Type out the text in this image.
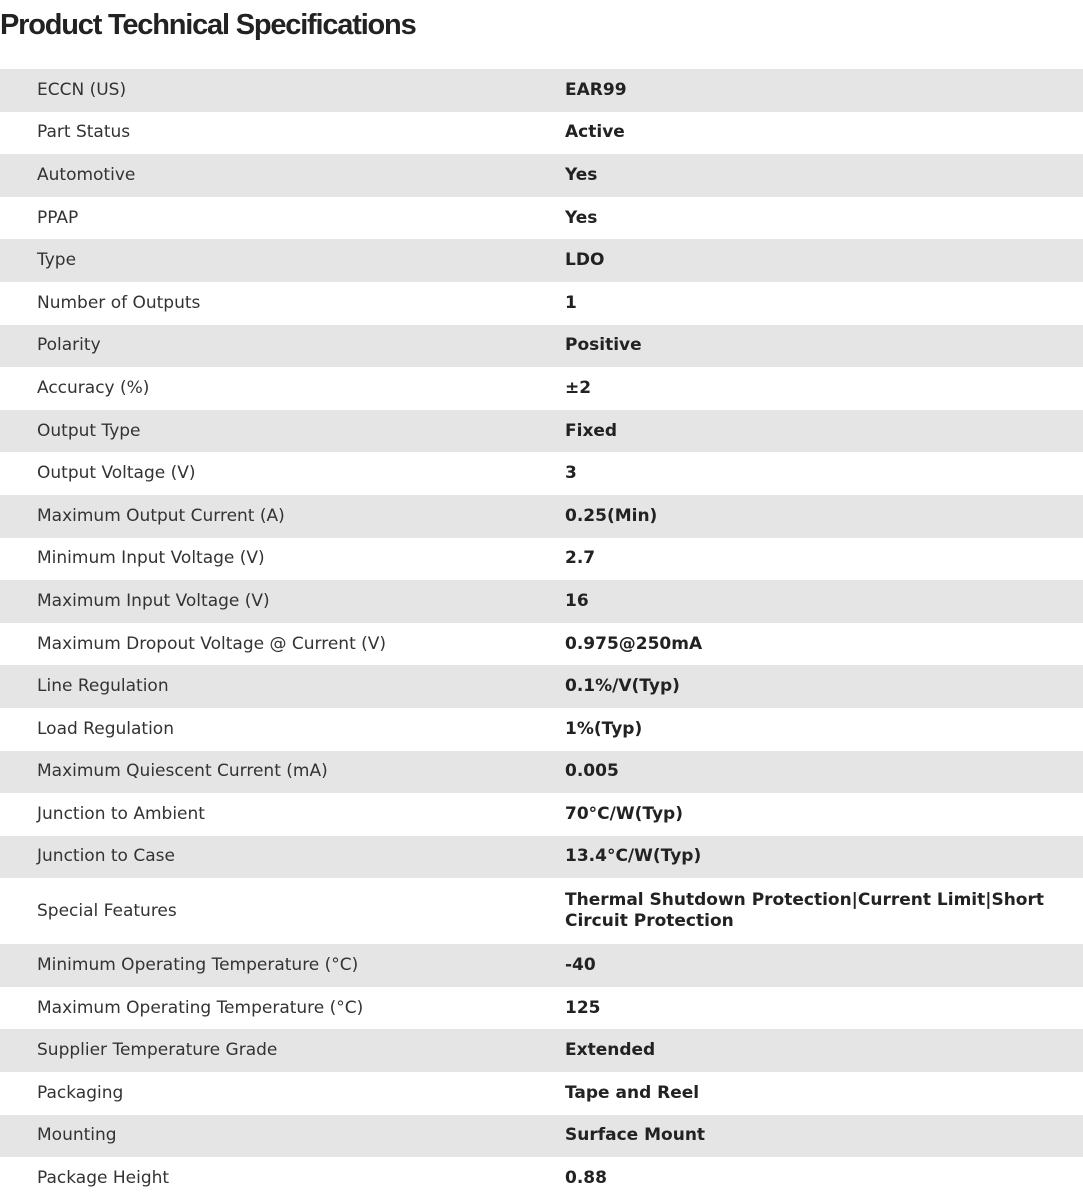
Product Technical Specifications
ECCN (US)	EAR99
Part Status	Active
Automotive	Yes
PPAP	Yes
Type	LDO
Number of Outputs	1
Polarity	Positive
Accuracy (%)	±2
Output Type	Fixed
Output Voltage (V)	3
Maximum Output Current (A)	0.25(Min)
Minimum Input Voltage (V)	2.7
Maximum Input Voltage (V)	16
Maximum Dropout Voltage @ Current (V)	0.975@250mA
Line Regulation	0.1%/V(Typ)
Load Regulation	1%(Typ)
Maximum Quiescent Current (mA)	0.005
Junction to Ambient	70°C/W(Typ)
Junction to Case	13.4°C/W(Typ)
Special Features	Thermal Shutdown Protection|Current Limit|Short Circuit Protection
Minimum Operating Temperature (°C)	-40
Maximum Operating Temperature (°C)	125
Supplier Temperature Grade	Extended
Packaging	Tape and Reel
Mounting	Surface Mount
Package Height	0.88
